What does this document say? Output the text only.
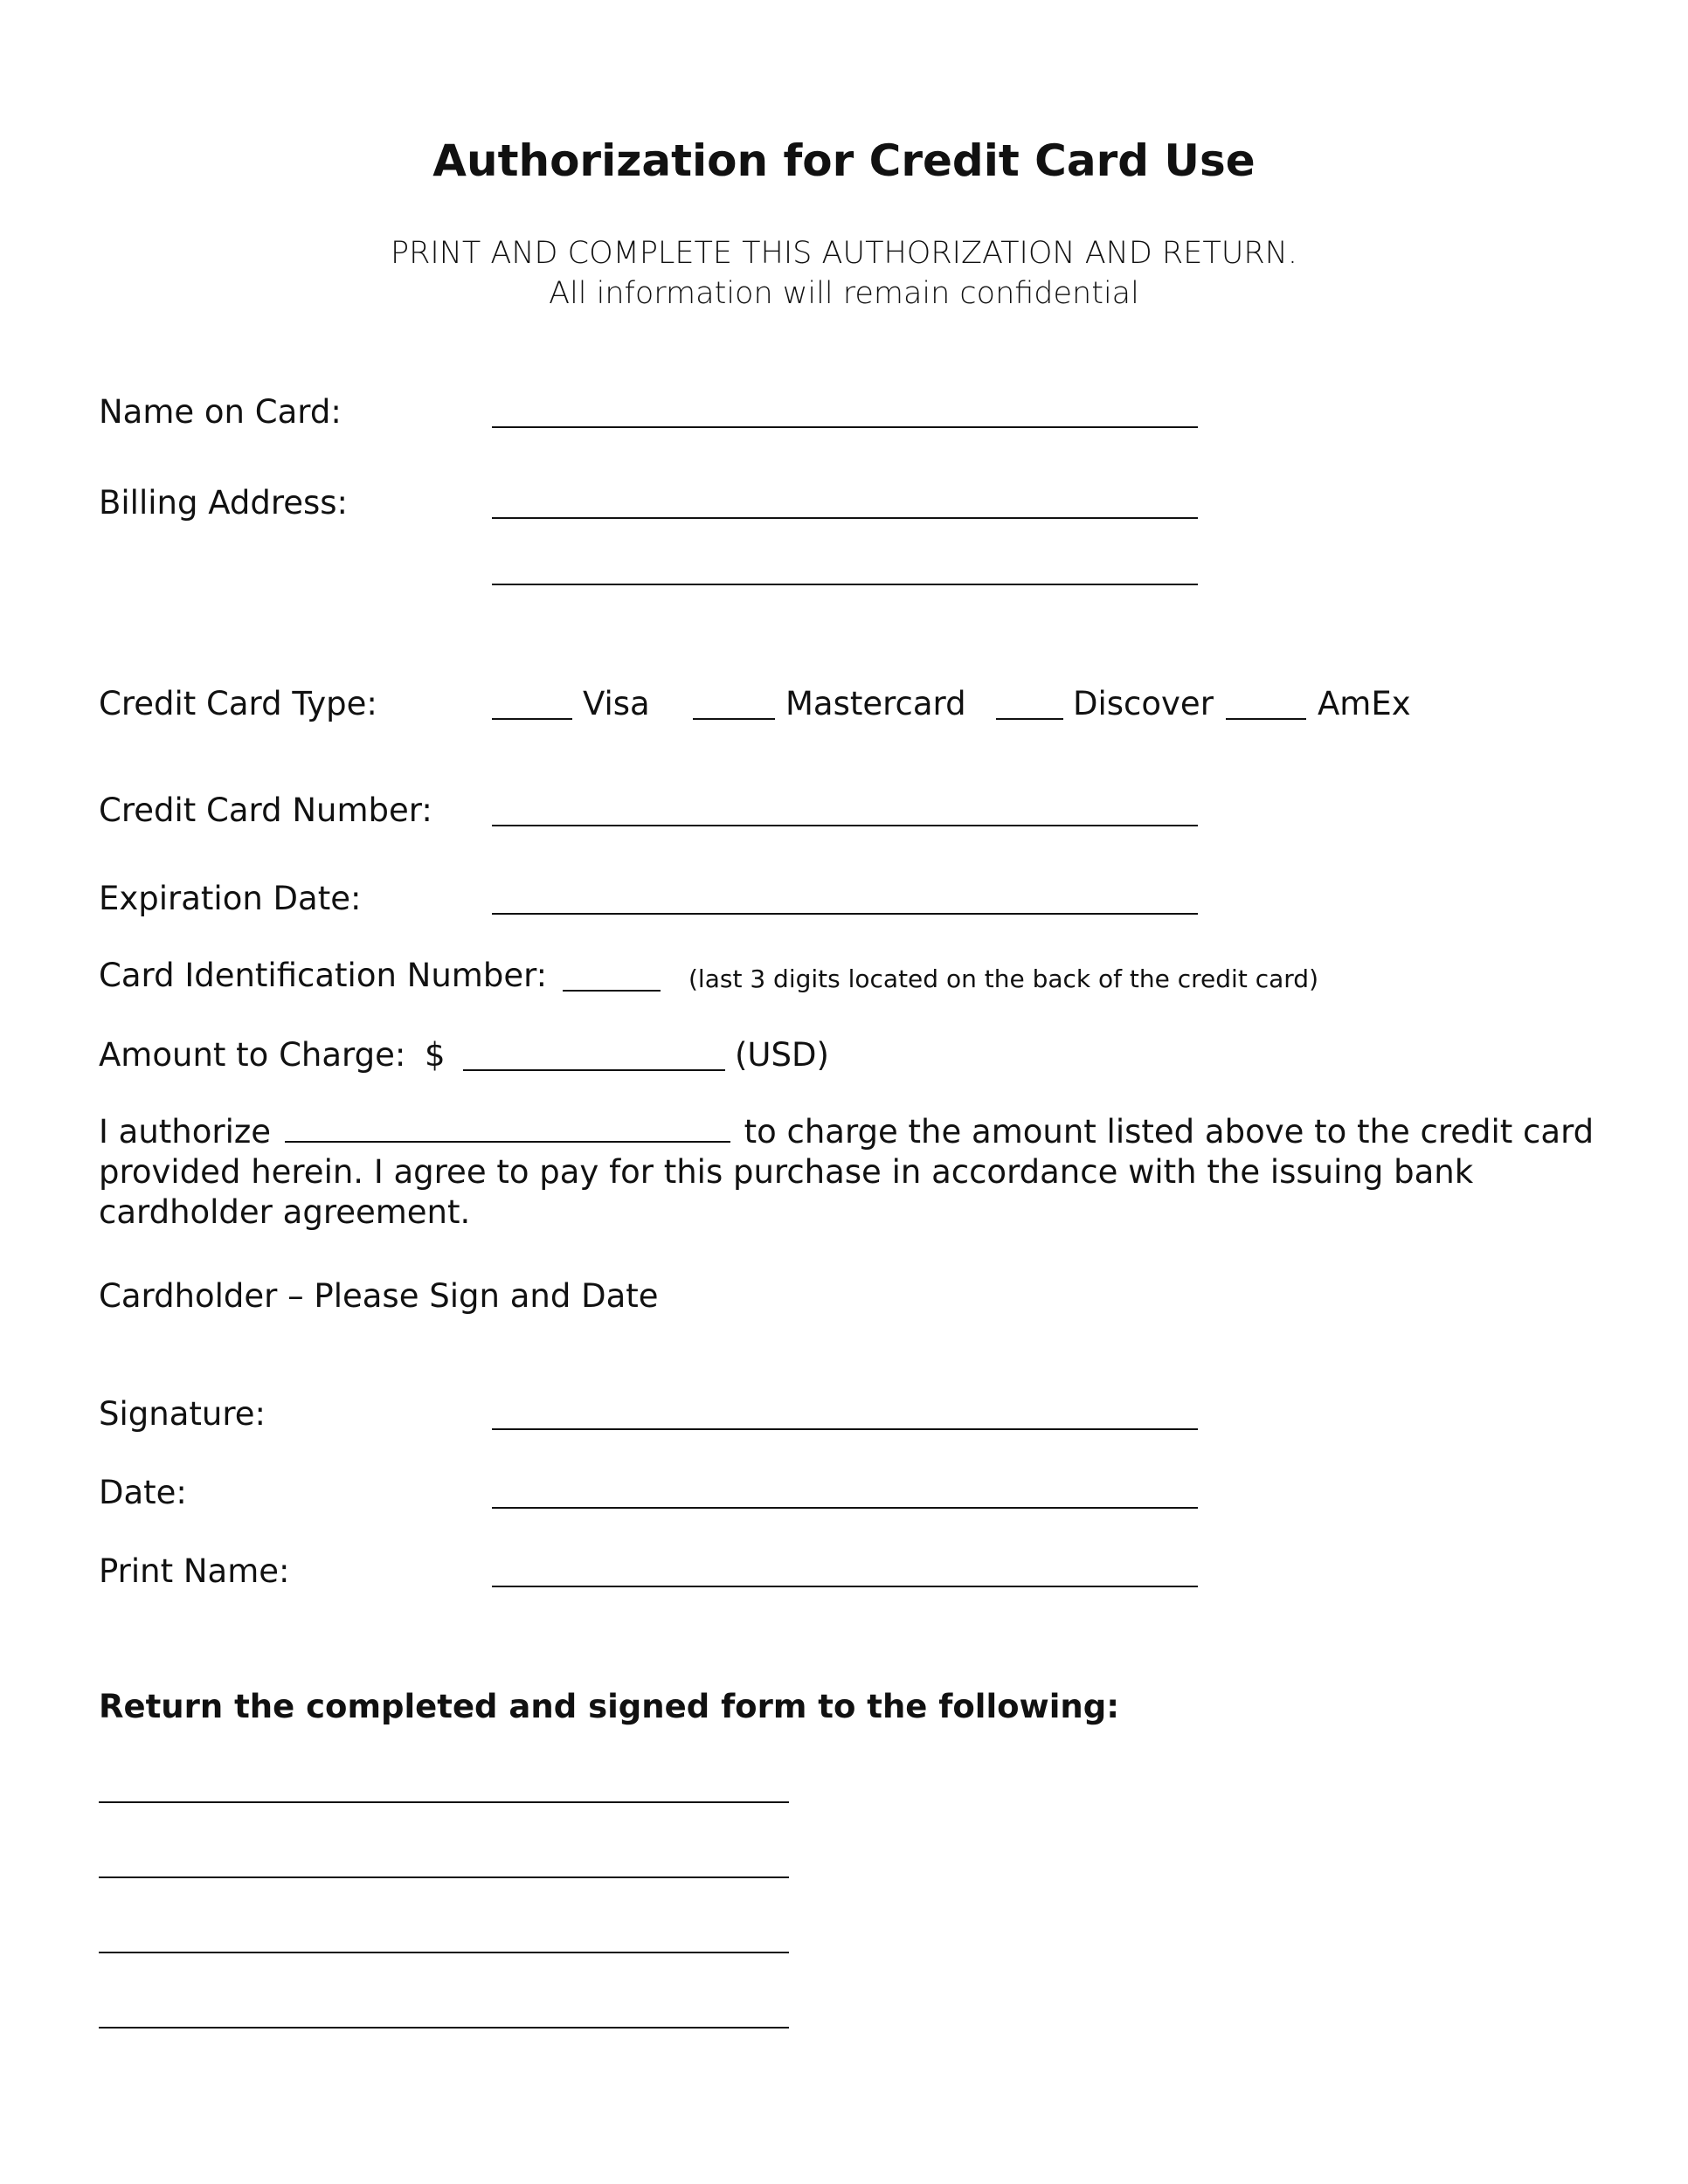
Authorization for Credit Card Use
PRINT AND COMPLETE THIS AUTHORIZATION AND RETURN.
All information will remain confidential
Name on Card:
Billing Address:
Credit Card Type:	Visa	Mastercard	Discover	AmEx
Credit Card Number:
Expiration Date:
Card Identification Number:	(last 3 digits located on the back of the credit card)
Amount to Charge: $	(USD)
I authorize	to charge the amount listed above to the credit card provided herein. I agree to pay for this purchase in accordance with the issuing bank cardholder agreement.
Cardholder – Please Sign and Date
Signature:
Date:
Print Name:
Return the completed and signed form to the following:
